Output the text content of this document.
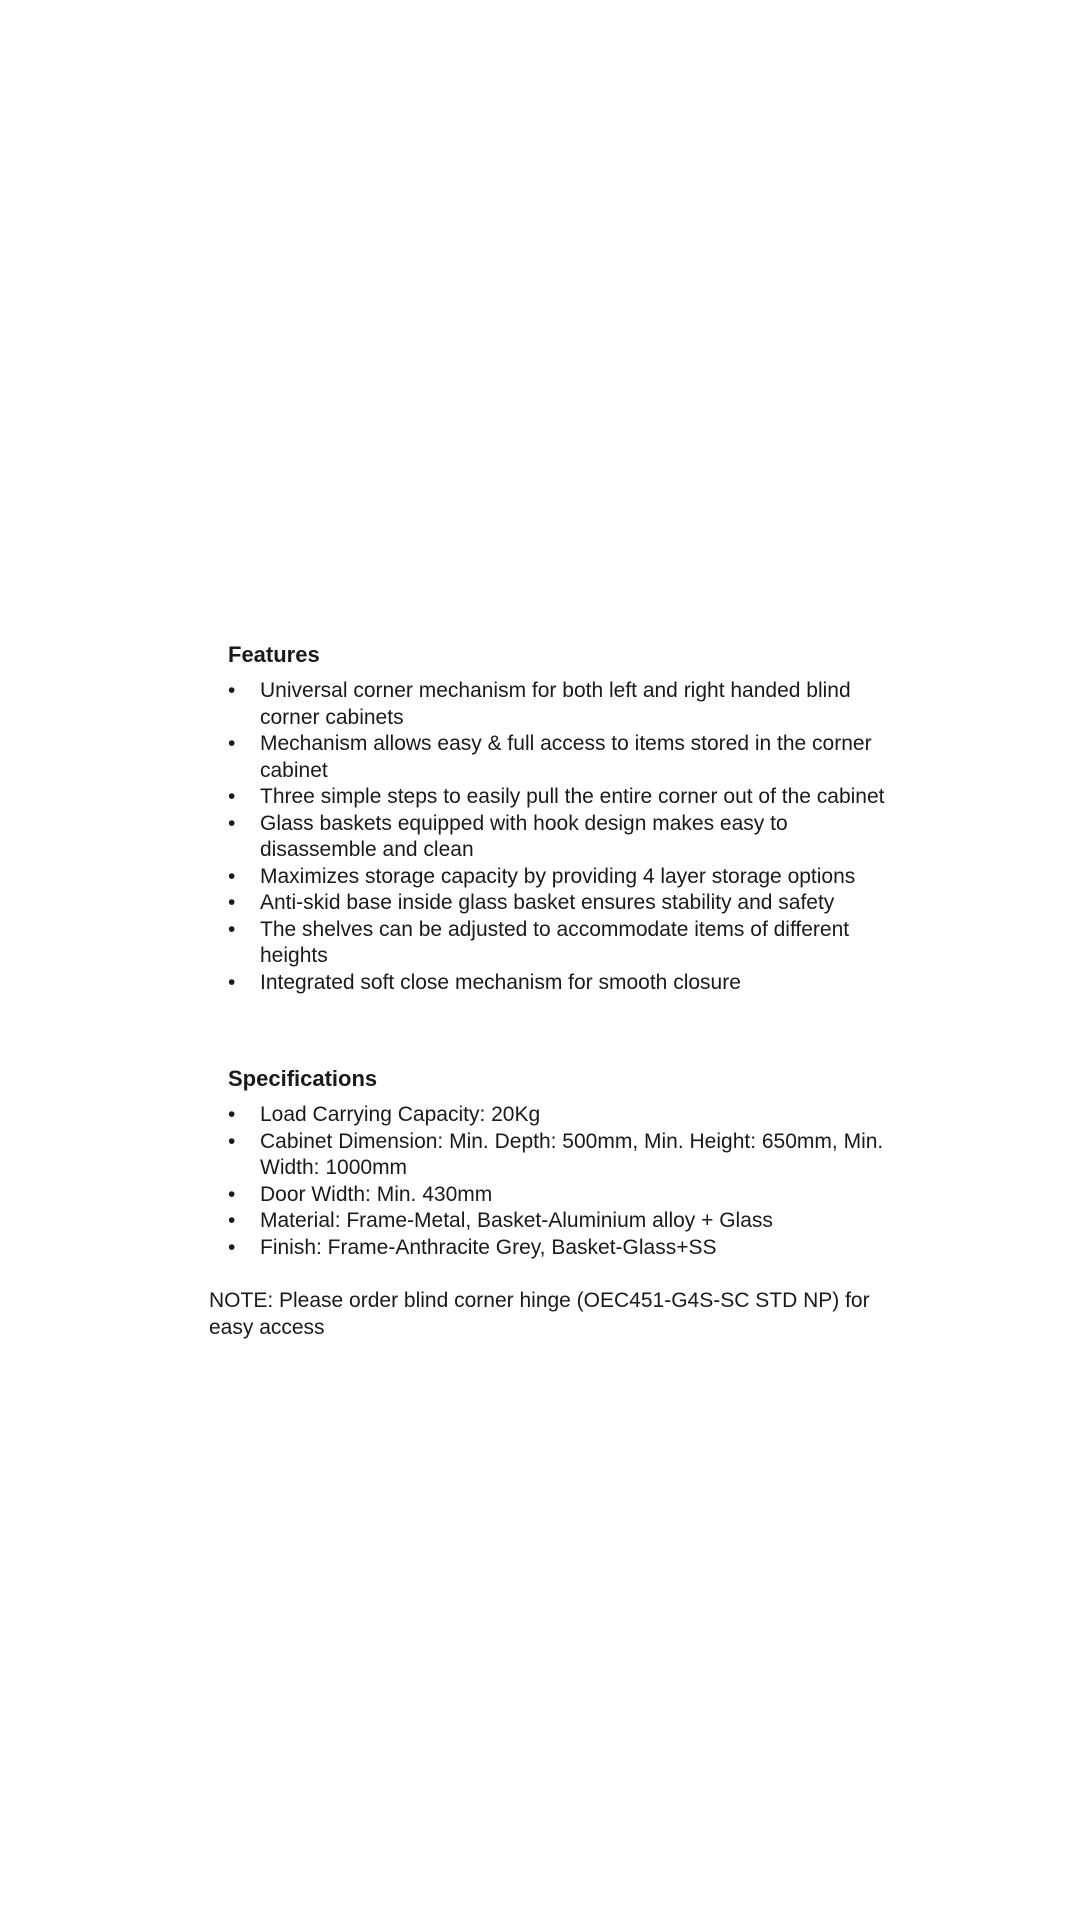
Features
• Universal corner mechanism for both left and right handed blind corner cabinets
• Mechanism allows easy & full access to items stored in the corner cabinet
• Three simple steps to easily pull the entire corner out of the cabinet
• Glass baskets equipped with hook design makes easy to disassemble and clean
• Maximizes storage capacity by providing 4 layer storage options
• Anti-skid base inside glass basket ensures stability and safety
• The shelves can be adjusted to accommodate items of different heights
• Integrated soft close mechanism for smooth closure
Specifications
• Load Carrying Capacity: 20Kg
• Cabinet Dimension: Min. Depth: 500mm, Min. Height: 650mm, Min. Width: 1000mm
• Door Width: Min. 430mm
• Material: Frame-Metal, Basket-Aluminium alloy + Glass
• Finish: Frame-Anthracite Grey, Basket-Glass+SS
NOTE: Please order blind corner hinge (OEC451-G4S-SC STD NP) for easy access
